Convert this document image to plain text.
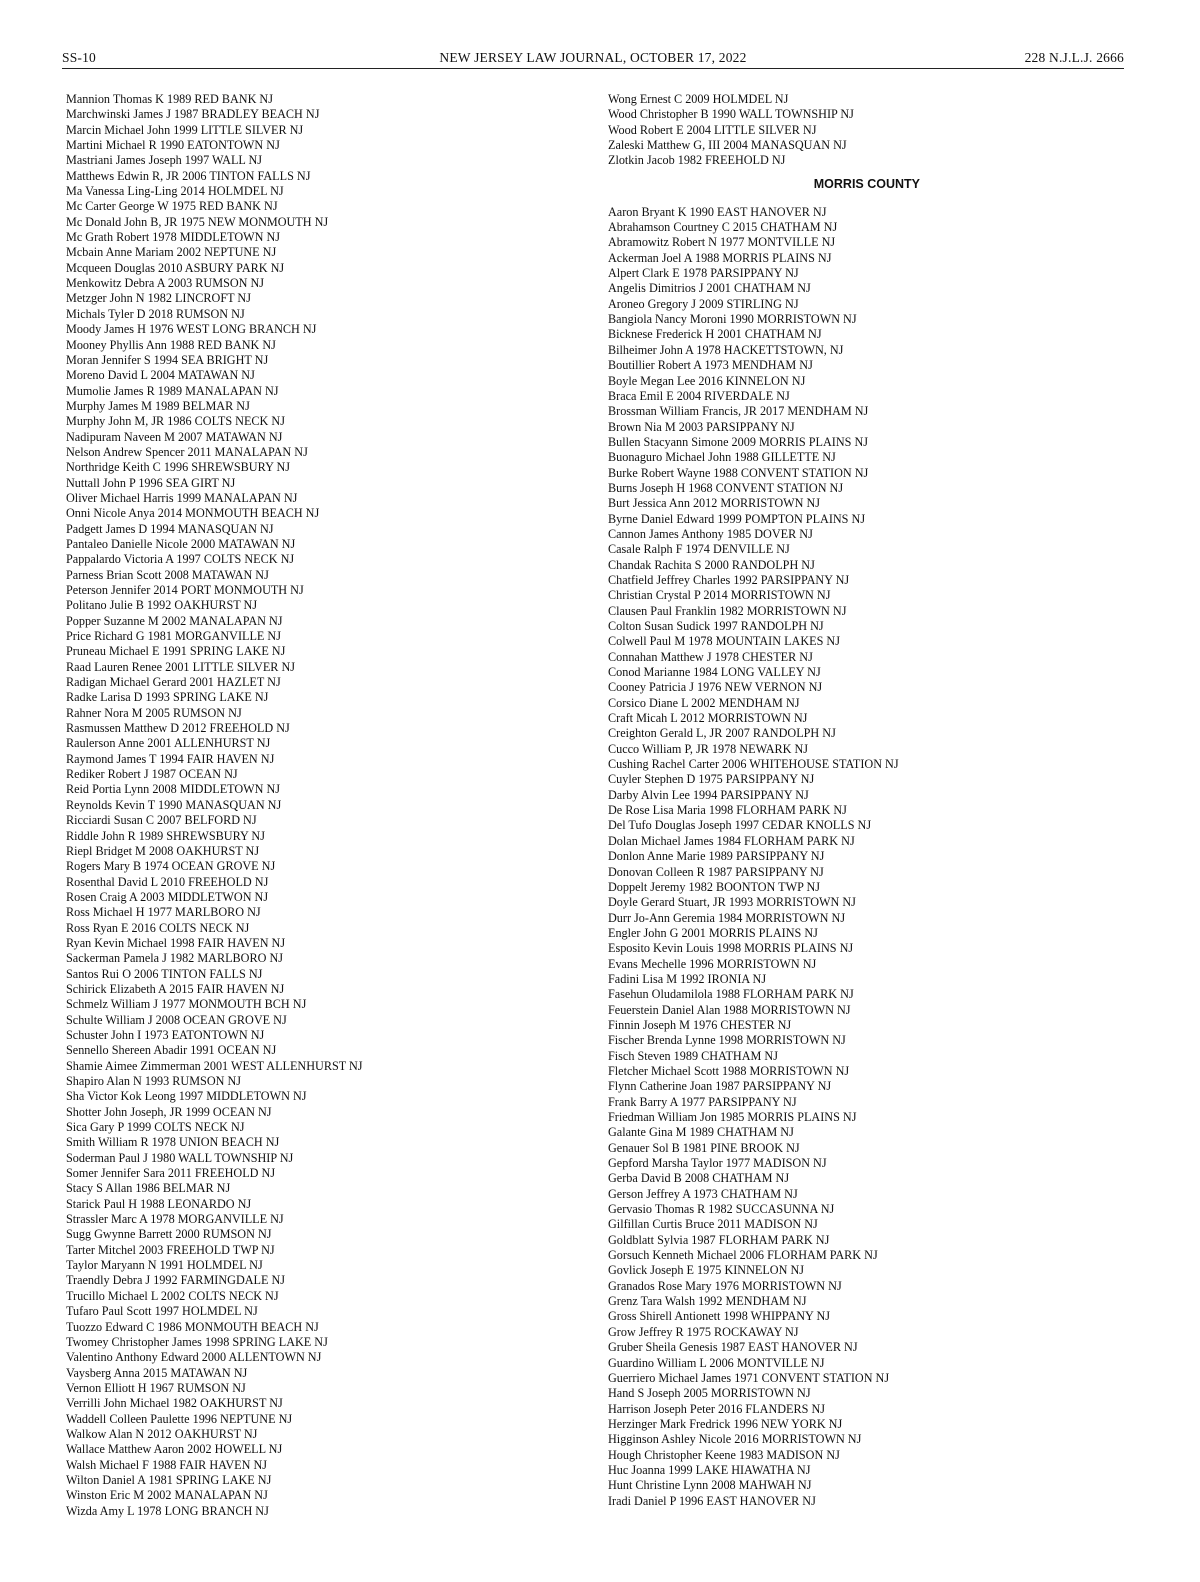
SS-10	NEW JERSEY LAW JOURNAL, OCTOBER 17, 2022	228 N.J.L.J. 2666
Mannion Thomas K 1989 RED BANK NJ
Marchwinski James J 1987 BRADLEY BEACH NJ
Marcin Michael John 1999 LITTLE SILVER NJ
Martini Michael R 1990 EATONTOWN NJ
Mastriani James Joseph 1997 WALL NJ
Matthews Edwin R, JR 2006 TINTON FALLS NJ
Ma Vanessa Ling-Ling 2014 HOLMDEL NJ
Mc Carter George W 1975 RED BANK NJ
Mc Donald John B, JR 1975 NEW MONMOUTH NJ
Mc Grath Robert 1978 MIDDLETOWN NJ
Mcbain Anne Mariam 2002 NEPTUNE NJ
Mcqueen Douglas 2010 ASBURY PARK NJ
Menkowitz Debra A 2003 RUMSON NJ
Metzger John N 1982 LINCROFT NJ
Michals Tyler D 2018 RUMSON NJ
Moody James H 1976 WEST LONG BRANCH NJ
Mooney Phyllis Ann 1988 RED BANK NJ
Moran Jennifer S 1994 SEA BRIGHT NJ
Moreno David L 2004 MATAWAN NJ
Mumolie James R 1989 MANALAPAN NJ
Murphy James M 1989 BELMAR NJ
Murphy John M, JR 1986 COLTS NECK NJ
Nadipuram Naveen M 2007 MATAWAN NJ
Nelson Andrew Spencer 2011 MANALAPAN NJ
Northridge Keith C 1996 SHREWSBURY NJ
Nuttall John P 1996 SEA GIRT NJ
Oliver Michael Harris 1999 MANALAPAN NJ
Onni Nicole Anya 2014 MONMOUTH BEACH NJ
Padgett James D 1994 MANASQUAN NJ
Pantaleo Danielle Nicole 2000 MATAWAN NJ
Pappalardo Victoria A 1997 COLTS NECK NJ
Parness Brian Scott 2008 MATAWAN NJ
Peterson Jennifer 2014 PORT MONMOUTH NJ
Politano Julie B 1992 OAKHURST NJ
Popper Suzanne M 2002 MANALAPAN NJ
Price Richard G 1981 MORGANVILLE NJ
Pruneau Michael E 1991 SPRING LAKE NJ
Raad Lauren Renee 2001 LITTLE SILVER NJ
Radigan Michael Gerard 2001 HAZLET NJ
Radke Larisa D 1993 SPRING LAKE NJ
Rahner Nora M 2005 RUMSON NJ
Rasmussen Matthew D 2012 FREEHOLD NJ
Raulerson Anne 2001 ALLENHURST NJ
Raymond James T 1994 FAIR HAVEN NJ
Rediker Robert J 1987 OCEAN NJ
Reid Portia Lynn 2008 MIDDLETOWN NJ
Reynolds Kevin T 1990 MANASQUAN NJ
Ricciardi Susan C 2007 BELFORD NJ
Riddle John R 1989 SHREWSBURY NJ
Riepl Bridget M 2008 OAKHURST NJ
Rogers Mary B 1974 OCEAN GROVE NJ
Rosenthal David L 2010 FREEHOLD NJ
Rosen Craig A 2003 MIDDLETWON NJ
Ross Michael H 1977 MARLBORO NJ
Ross Ryan E 2016 COLTS NECK NJ
Ryan Kevin Michael 1998 FAIR HAVEN NJ
Sackerman Pamela J 1982 MARLBORO NJ
Santos Rui O 2006 TINTON FALLS NJ
Schirick Elizabeth A 2015 FAIR HAVEN NJ
Schmelz William J 1977 MONMOUTH BCH NJ
Schulte William J 2008 OCEAN GROVE NJ
Schuster John I 1973 EATONTOWN NJ
Sennello Shereen Abadir 1991 OCEAN NJ
Shamie Aimee Zimmerman 2001 WEST ALLENHURST NJ
Shapiro Alan N 1993 RUMSON NJ
Sha Victor Kok Leong 1997 MIDDLETOWN NJ
Shotter John Joseph, JR 1999 OCEAN NJ
Sica Gary P 1999 COLTS NECK NJ
Smith William R 1978 UNION BEACH NJ
Soderman Paul J 1980 WALL TOWNSHIP NJ
Somer Jennifer Sara 2011 FREEHOLD NJ
Stacy S Allan 1986 BELMAR NJ
Starick Paul H 1988 LEONARDO NJ
Strassler Marc A 1978 MORGANVILLE NJ
Sugg Gwynne Barrett 2000 RUMSON NJ
Tarter Mitchel 2003 FREEHOLD TWP NJ
Taylor Maryann N 1991 HOLMDEL NJ
Traendly Debra J 1992 FARMINGDALE NJ
Trucillo Michael L 2002 COLTS NECK NJ
Tufaro Paul Scott 1997 HOLMDEL NJ
Tuozzo Edward C 1986 MONMOUTH BEACH NJ
Twomey Christopher James 1998 SPRING LAKE NJ
Valentino Anthony Edward 2000 ALLENTOWN NJ
Vaysberg Anna 2015 MATAWAN NJ
Vernon Elliott H 1967 RUMSON NJ
Verrilli John Michael 1982 OAKHURST NJ
Waddell Colleen Paulette 1996 NEPTUNE NJ
Walkow Alan N 2012 OAKHURST NJ
Wallace Matthew Aaron 2002 HOWELL NJ
Walsh Michael F 1988 FAIR HAVEN NJ
Wilton Daniel A 1981 SPRING LAKE NJ
Winston Eric M 2002 MANALAPAN NJ
Wizda Amy L 1978 LONG BRANCH NJ
Wong Ernest C 2009 HOLMDEL NJ
Wood Christopher B 1990 WALL TOWNSHIP NJ
Wood Robert E 2004 LITTLE SILVER NJ
Zaleski Matthew G, III 2004 MANASQUAN NJ
Zlotkin Jacob 1982 FREEHOLD NJ
MORRIS COUNTY
Aaron Bryant K 1990 EAST HANOVER NJ
Abrahamson Courtney C 2015 CHATHAM NJ
Abramowitz Robert N 1977 MONTVILLE NJ
Ackerman Joel A 1988 MORRIS PLAINS NJ
Alpert Clark E 1978 PARSIPPANY NJ
Angelis Dimitrios J 2001 CHATHAM NJ
Aroneo Gregory J 2009 STIRLING NJ
Bangiola Nancy Moroni 1990 MORRISTOWN NJ
Bicknese Frederick H 2001 CHATHAM NJ
Bilheimer John A 1978 HACKETTSTOWN, NJ
Boutillier Robert A 1973 MENDHAM NJ
Boyle Megan Lee 2016 KINNELON NJ
Braca Emil E 2004 RIVERDALE NJ
Brossman William Francis, JR 2017 MENDHAM NJ
Brown Nia M 2003 PARSIPPANY NJ
Bullen Stacyann Simone 2009 MORRIS PLAINS NJ
Buonaguro Michael John 1988 GILLETTE NJ
Burke Robert Wayne 1988 CONVENT STATION NJ
Burns Joseph H 1968 CONVENT STATION NJ
Burt Jessica Ann 2012 MORRISTOWN NJ
Byrne Daniel Edward 1999 POMPTON PLAINS NJ
Cannon James Anthony 1985 DOVER NJ
Casale Ralph F 1974 DENVILLE NJ
Chandak Rachita S 2000 RANDOLPH NJ
Chatfield Jeffrey Charles 1992 PARSIPPANY NJ
Christian Crystal P 2014 MORRISTOWN NJ
Clausen Paul Franklin 1982 MORRISTOWN NJ
Colton Susan Sudick 1997 RANDOLPH NJ
Colwell Paul M 1978 MOUNTAIN LAKES NJ
Connahan Matthew J 1978 CHESTER NJ
Conod Marianne 1984 LONG VALLEY NJ
Cooney Patricia J 1976 NEW VERNON NJ
Corsico Diane L 2002 MENDHAM NJ
Craft Micah L 2012 MORRISTOWN NJ
Creighton Gerald L, JR 2007 RANDOLPH NJ
Cucco William P, JR 1978 NEWARK NJ
Cushing Rachel Carter 2006 WHITEHOUSE STATION NJ
Cuyler Stephen D 1975 PARSIPPANY NJ
Darby Alvin Lee 1994 PARSIPPANY NJ
De Rose Lisa Maria 1998 FLORHAM PARK NJ
Del Tufo Douglas Joseph 1997 CEDAR KNOLLS NJ
Dolan Michael James 1984 FLORHAM PARK NJ
Donlon Anne Marie 1989 PARSIPPANY NJ
Donovan Colleen R 1987 PARSIPPANY NJ
Doppelt Jeremy 1982 BOONTON TWP NJ
Doyle Gerard Stuart, JR 1993 MORRISTOWN NJ
Durr Jo-Ann Geremia 1984 MORRISTOWN NJ
Engler John G 2001 MORRIS PLAINS NJ
Esposito Kevin Louis 1998 MORRIS PLAINS NJ
Evans Mechelle 1996 MORRISTOWN NJ
Fadini Lisa M 1992 IRONIA NJ
Fasehun Oludamilola 1988 FLORHAM PARK NJ
Feuerstein Daniel Alan 1988 MORRISTOWN NJ
Finnin Joseph M 1976 CHESTER NJ
Fischer Brenda Lynne 1998 MORRISTOWN NJ
Fisch Steven 1989 CHATHAM NJ
Fletcher Michael Scott 1988 MORRISTOWN NJ
Flynn Catherine Joan 1987 PARSIPPANY NJ
Frank Barry A 1977 PARSIPPANY NJ
Friedman William Jon 1985 MORRIS PLAINS NJ
Galante Gina M 1989 CHATHAM NJ
Genauer Sol B 1981 PINE BROOK NJ
Gepford Marsha Taylor 1977 MADISON NJ
Gerba David B 2008 CHATHAM NJ
Gerson Jeffrey A 1973 CHATHAM NJ
Gervasio Thomas R 1982 SUCCASUNNA NJ
Gilfillan Curtis Bruce 2011 MADISON NJ
Goldblatt Sylvia 1987 FLORHAM PARK NJ
Gorsuch Kenneth Michael 2006 FLORHAM PARK NJ
Govlick Joseph E 1975 KINNELON NJ
Granados Rose Mary 1976 MORRISTOWN NJ
Grenz Tara Walsh 1992 MENDHAM NJ
Gross Shirell Antionett 1998 WHIPPANY NJ
Grow Jeffrey R 1975 ROCKAWAY NJ
Gruber Sheila Genesis 1987 EAST HANOVER NJ
Guardino William L 2006 MONTVILLE NJ
Guerriero Michael James 1971 CONVENT STATION NJ
Hand S Joseph 2005 MORRISTOWN NJ
Harrison Joseph Peter 2016 FLANDERS NJ
Herzinger Mark Fredrick 1996 NEW YORK NJ
Higginson Ashley Nicole 2016 MORRISTOWN NJ
Hough Christopher Keene 1983 MADISON NJ
Huc Joanna 1999 LAKE HIAWATHA NJ
Hunt Christine Lynn 2008 MAHWAH NJ
Iradi Daniel P 1996 EAST HANOVER NJ
